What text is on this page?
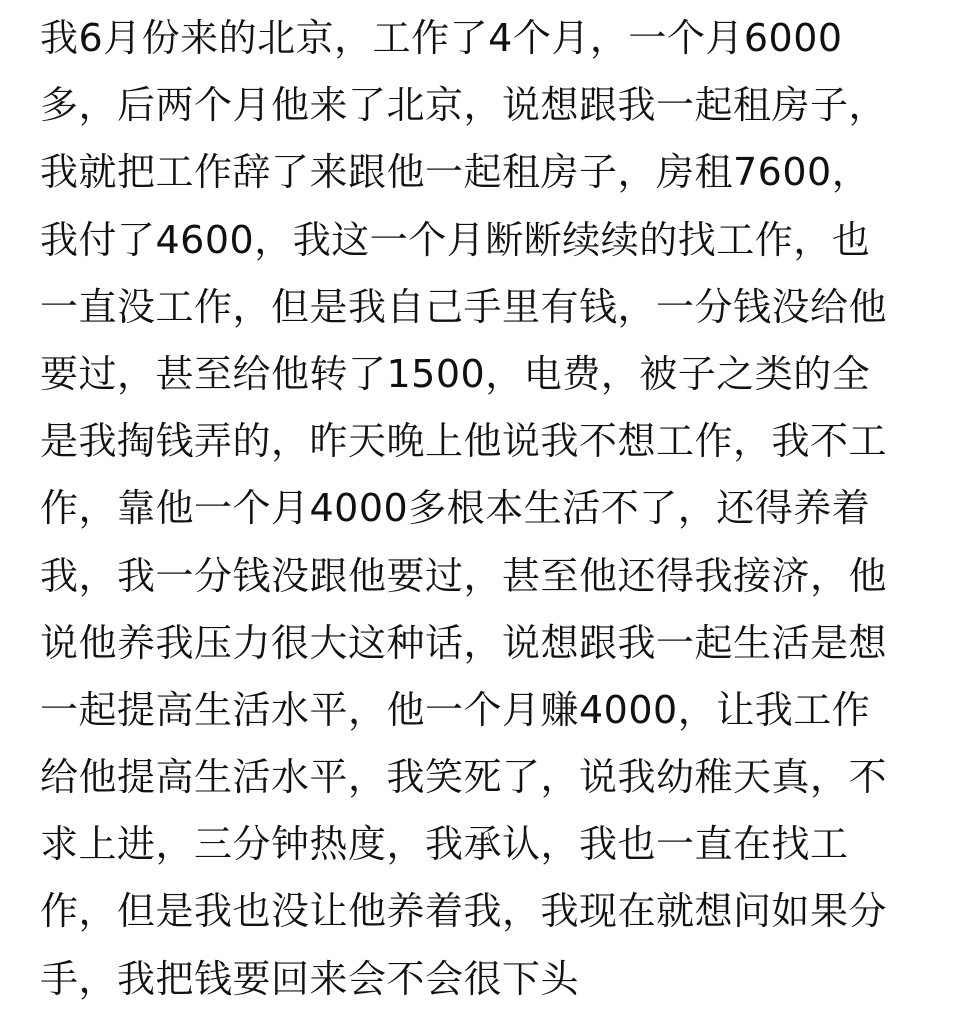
我6月份来的北京，工作了4个月，一个月6000
多，后两个月他来了北京，说想跟我一起租房子，
我就把工作辞了来跟他一起租房子，房租7600，
我付了4600，我这一个月断断续续的找工作，也
一直没工作，但是我自己手里有钱，一分钱没给他
要过，甚至给他转了1500，电费，被子之类的全
是我掏钱弄的，昨天晚上他说我不想工作，我不工
作，靠他一个月4000多根本生活不了，还得养着
我，我一分钱没跟他要过，甚至他还得我接济，他
说他养我压力很大这种话，说想跟我一起生活是想
一起提高生活水平，他一个月赚4000，让我工作
给他提高生活水平，我笑死了，说我幼稚天真，不
求上进，三分钟热度，我承认，我也一直在找工
作，但是我也没让他养着我，我现在就想问如果分
手，我把钱要回来会不会很下头
